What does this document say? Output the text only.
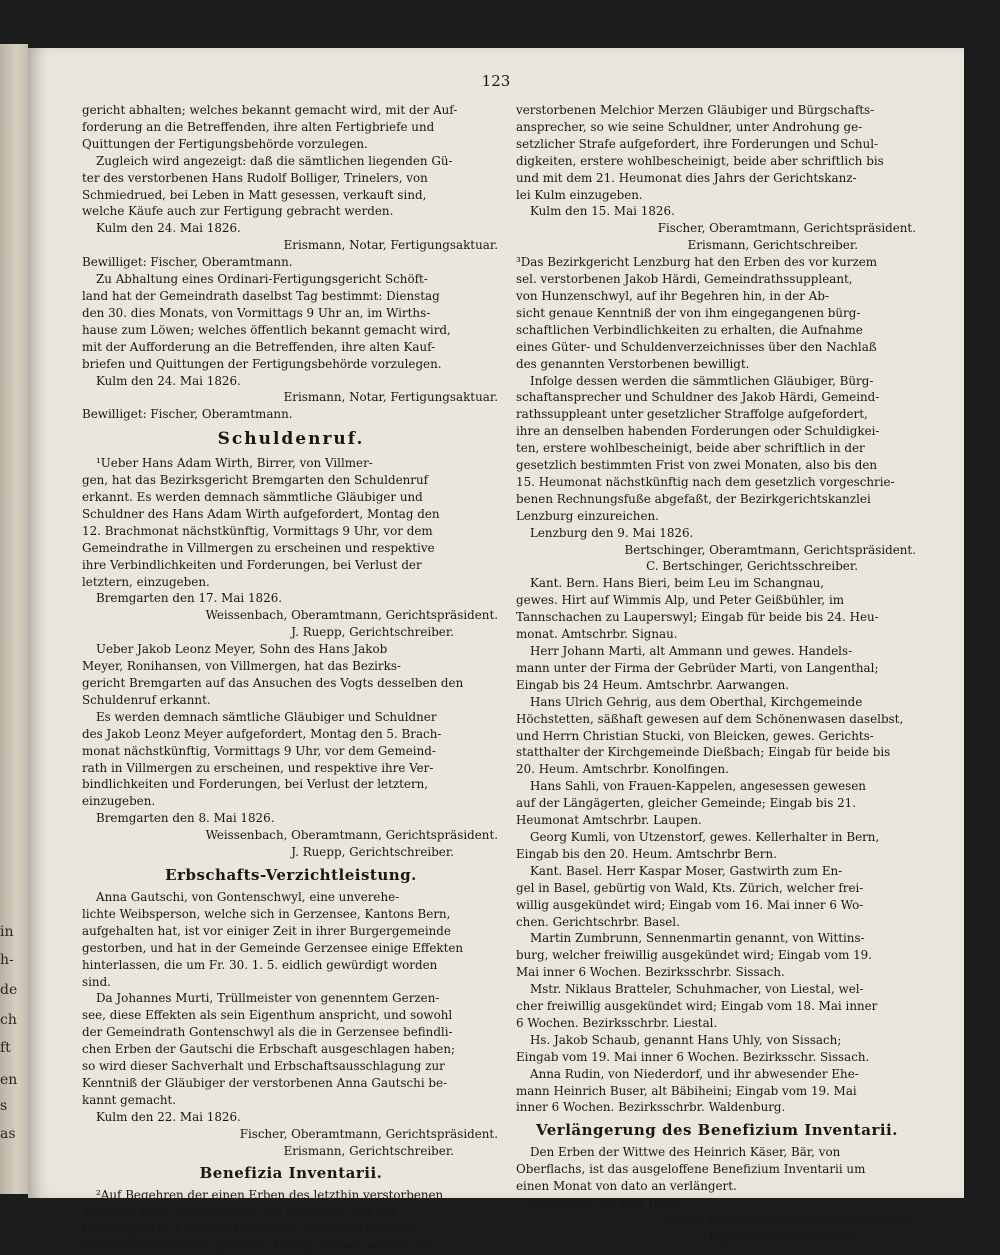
in
h-
de
ch
ft
en
s
as
123
gericht abhalten; welches bekannt gemacht wird, mit der Auf-
forderung an die Betreffenden, ihre alten Fertigbriefe und
Quittungen der Fertigungsbehörde vorzulegen.
Zugleich wird angezeigt: daß die sämtlichen liegenden Gü-
ter des verstorbenen Hans Rudolf Bolliger, Trinelers, von
Schmiedrued, bei Leben in Matt gesessen, verkauft sind,
welche Käufe auch zur Fertigung gebracht werden.
Kulm den 24. Mai 1826.
Erismann, Notar, Fertigungsaktuar.
Bewilliget: Fischer, Oberamtmann.
Zu Abhaltung eines Ordinari-Fertigungsgericht Schöft-
land hat der Gemeindrath daselbst Tag bestimmt: Dienstag
den 30. dies Monats, von Vormittags 9 Uhr an, im Wirths-
hause zum Löwen; welches öffentlich bekannt gemacht wird,
mit der Aufforderung an die Betreffenden, ihre alten Kauf-
briefen und Quittungen der Fertigungsbehörde vorzulegen.
Kulm den 24. Mai 1826.
Erismann, Notar, Fertigungsaktuar.
Bewilliget: Fischer, Oberamtmann.
Schuldenruf.
¹Ueber Hans Adam Wirth, Birrer, von Villmer-
gen, hat das Bezirksgericht Bremgarten den Schuldenruf
erkannt. Es werden demnach sämmtliche Gläubiger und
Schuldner des Hans Adam Wirth aufgefordert, Montag den
12. Brachmonat nächstkünftig, Vormittags 9 Uhr, vor dem
Gemeindrathe in Villmergen zu erscheinen und respektive
ihre Verbindlichkeiten und Forderungen, bei Verlust der
letztern, einzugeben.
Bremgarten den 17. Mai 1826.
Weissenbach, Oberamtmann, Gerichtspräsident.
J. Ruepp, Gerichtschreiber.
Ueber Jakob Leonz Meyer, Sohn des Hans Jakob
Meyer, Ronihansen, von Villmergen, hat das Bezirks-
gericht Bremgarten auf das Ansuchen des Vogts desselben den
Schuldenruf erkannt.
Es werden demnach sämtliche Gläubiger und Schuldner
des Jakob Leonz Meyer aufgefordert, Montag den 5. Brach-
monat nächstkünftig, Vormittags 9 Uhr, vor dem Gemeind-
rath in Villmergen zu erscheinen, und respektive ihre Ver-
bindlichkeiten und Forderungen, bei Verlust der letztern,
einzugeben.
Bremgarten den 8. Mai 1826.
Weissenbach, Oberamtmann, Gerichtspräsident.
J. Ruepp, Gerichtschreiber.
Erbschafts-Verzichtleistung.
Anna Gautschi, von Gontenschwyl, eine unverehe-
lichte Weibsperson, welche sich in Gerzensee, Kantons Bern,
aufgehalten hat, ist vor einiger Zeit in ihrer Burgergemeinde
gestorben, und hat in der Gemeinde Gerzensee einige Effekten
hinterlassen, die um Fr. 30. 1. 5. eidlich gewürdigt worden
sind.
Da Johannes Murti, Trüllmeister von genenntem Gerzen-
see, diese Effekten als sein Eigenthum anspricht, und sowohl
der Gemeindrath Gontenschwyl als die in Gerzensee befindli-
chen Erben der Gautschi die Erbschaft ausgeschlagen haben;
so wird dieser Sachverhalt und Erbschaftsausschlagung zur
Kenntniß der Gläubiger der verstorbenen Anna Gautschi be-
kannt gemacht.
Kulm den 22. Mai 1826.
Fischer, Oberamtmann, Gerichtspräsident.
Erismann, Gerichtschreiber.
Benefizia Inventarii.
²Auf Begehren der einen Erben des letzthin verstorbenen
Melchior Merz, Rüdelhansen von Menziken, hat das
Bezirksgericht Kulm das Beneszium Inventarii über den
Nachlaß dieses Merz gestattet. Infolge dessen werden des
verstorbenen Melchior Merzen Gläubiger und Bürgschafts-
ansprecher, so wie seine Schuldner, unter Androhung ge-
setzlicher Strafe aufgefordert, ihre Forderungen und Schul-
digkeiten, erstere wohlbescheinigt, beide aber schriftlich bis
und mit dem 21. Heumonat dies Jahrs der Gerichtskanz-
lei Kulm einzugeben.
Kulm den 15. Mai 1826.
Fischer, Oberamtmann, Gerichtspräsident.
Erismann, Gerichtschreiber.
³Das Bezirkgericht Lenzburg hat den Erben des vor kurzem
sel. verstorbenen Jakob Härdi, Gemeindrathssuppleant,
von Hunzenschwyl, auf ihr Begehren hin, in der Ab-
sicht genaue Kenntniß der von ihm eingegangenen bürg-
schaftlichen Verbindlichkeiten zu erhalten, die Aufnahme
eines Güter- und Schuldenverzeichnisses über den Nachlaß
des genannten Verstorbenen bewilligt.
Infolge dessen werden die sämmtlichen Gläubiger, Bürg-
schaftansprecher und Schuldner des Jakob Härdi, Gemeind-
rathssuppleant unter gesetzlicher Straffolge aufgefordert,
ihre an denselben habenden Forderungen oder Schuldigkei-
ten, erstere wohlbescheinigt, beide aber schriftlich in der
gesetzlich bestimmten Frist von zwei Monaten, also bis den
15. Heumonat nächstkünftig nach dem gesetzlich vorgeschrie-
benen Rechnungsfuße abgefaßt, der Bezirkgerichtskanzlei
Lenzburg einzureichen.
Lenzburg den 9. Mai 1826.
Bertschinger, Oberamtmann, Gerichtspräsident.
C. Bertschinger, Gerichtsschreiber.
Kant. Bern. Hans Bieri, beim Leu im Schangnau,
gewes. Hirt auf Wimmis Alp, und Peter Geißbühler, im
Tannschachen zu Lauperswyl; Eingab für beide bis 24. Heu-
monat. Amtschrbr. Signau.
Herr Johann Marti, alt Ammann und gewes. Handels-
mann unter der Firma der Gebrüder Marti, von Langenthal;
Eingab bis 24 Heum. Amtschrbr. Aarwangen.
Hans Ulrich Gehrig, aus dem Oberthal, Kirchgemeinde
Höchstetten, säßhaft gewesen auf dem Schönenwasen daselbst,
und Herrn Christian Stucki, von Bleicken, gewes. Gerichts-
statthalter der Kirchgemeinde Dießbach; Eingab für beide bis
20. Heum. Amtschrbr. Konolfingen.
Hans Sahli, von Frauen-Kappelen, angesessen gewesen
auf der Längägerten, gleicher Gemeinde; Eingab bis 21.
Heumonat Amtschrbr. Laupen.
Georg Kumli, von Utzenstorf, gewes. Kellerhalter in Bern,
Eingab bis den 20. Heum. Amtschrbr Bern.
Kant. Basel. Herr Kaspar Moser, Gastwirth zum En-
gel in Basel, gebürtig von Wald, Kts. Zürich, welcher frei-
willig ausgekündet wird; Eingab vom 16. Mai inner 6 Wo-
chen. Gerichtschrbr. Basel.
Martin Zumbrunn, Sennenmartin genannt, von Wittins-
burg, welcher freiwillig ausgekündet wird; Eingab vom 19.
Mai inner 6 Wochen. Bezirksschrbr. Sissach.
Mstr. Niklaus Bratteler, Schuhmacher, von Liestal, wel-
cher freiwillig ausgekündet wird; Eingab vom 18. Mai inner
6 Wochen. Bezirksschrbr. Liestal.
Hs. Jakob Schaub, genannt Hans Uhly, von Sissach;
Eingab vom 19. Mai inner 6 Wochen. Bezirksschr. Sissach.
Anna Rudin, von Niederdorf, und ihr abwesender Ehe-
mann Heinrich Buser, alt Bäbiheini; Eingab vom 19. Mai
inner 6 Wochen. Bezirksschrbr. Waldenburg.
Verlängerung des Benefizium Inventarii.
Den Erben der Wittwe des Heinrich Käser, Bär, von
Oberflachs, ist das ausgeloffene Benefizium Inventarii um
einen Monat von dato an verlängert.
Brugg den 22. Mai 1826.
Belart, Oberamtmann, Gerichtspräsident.
Jäger, Gerichtsschreiber.
